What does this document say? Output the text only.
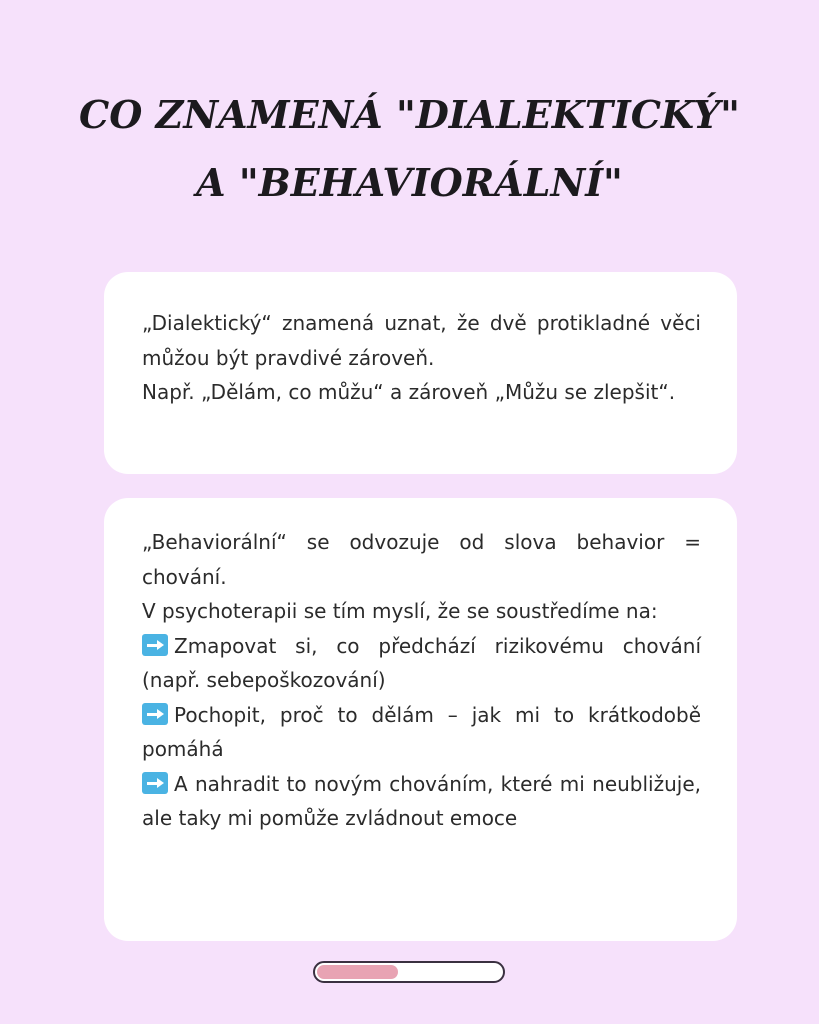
CO ZNAMENÁ "DIALEKTICKÝ"
A "BEHAVIORÁLNÍ"

„Dialektický“ znamená uznat, že dvě protikladné věci můžou být pravdivé zároveň.

Např. „Dělám, co můžu“ a zároveň „Můžu se zlepšit“.

„Behaviorální“ se odvozuje od slova behavior = chování.

V psychoterapii se tím myslí, že se soustředíme na:

Zmapovat si, co předchází rizikovému chování (např. sebepoškozování)

Pochopit, proč to dělám – jak mi to krátkodobě pomáhá

A nahradit to novým chováním, které mi neubližuje, ale taky mi pomůže zvládnout emoce
